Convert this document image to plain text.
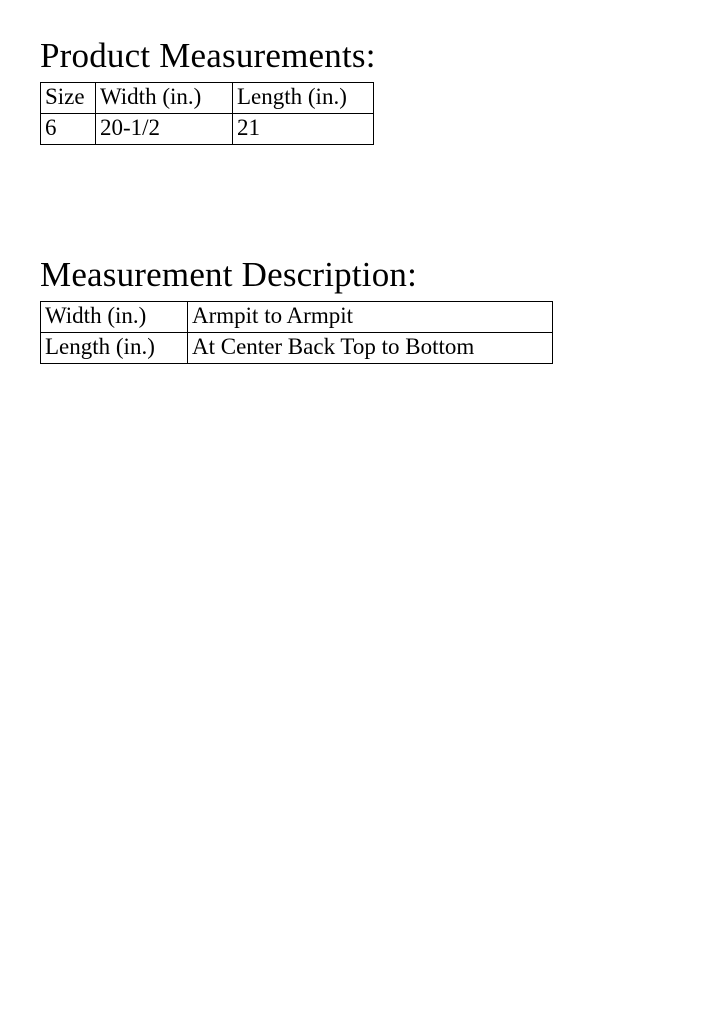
Product Measurements:
Size	Width (in.)	Length (in.)
6	20-1/2	21
Measurement Description:
Width (in.)	Armpit to Armpit
Length (in.)	At Center Back Top to Bottom
